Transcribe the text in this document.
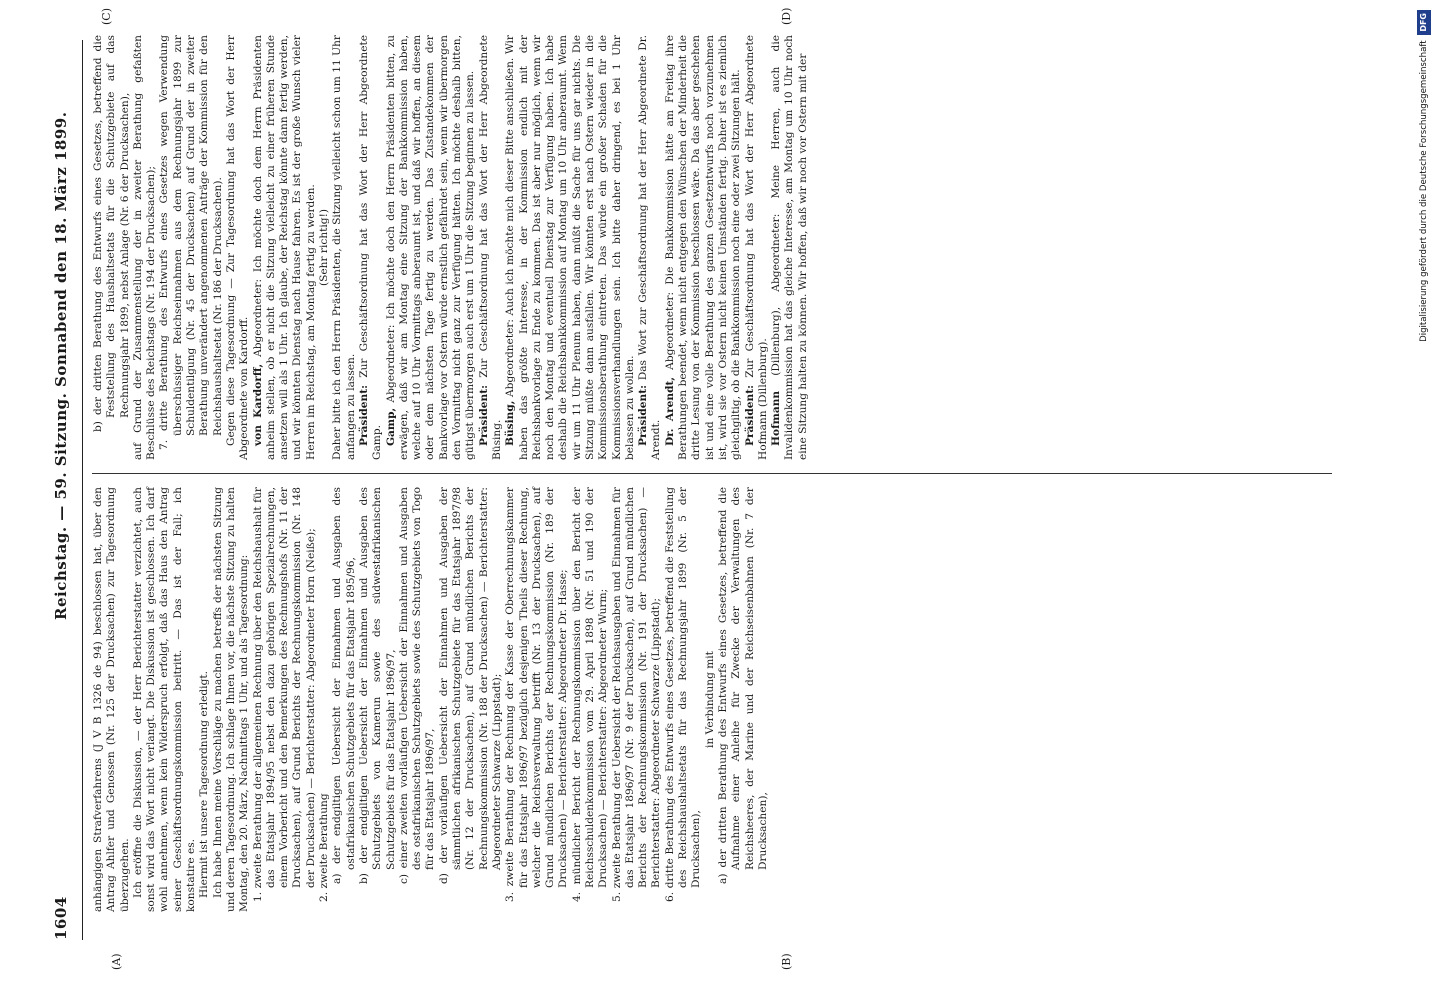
1604
Reichstag. — 59. Sitzung. Sonnabend den 18. März 1899.
(A)	(B)
(C)	(D)

anhängigen Strafverfahrens (J V B 1326 de 94) beschlossen hat, über den Antrag Ahlfer und Genossen (Nr. 125 der Drucksachen) zur Tagesordnung überzugehen. Ich eröffne die Diskussion, — der Herr Berichterstatter verzichtet, auch sonst wird das Wort nicht verlangt. Die Diskussion ist geschlossen. Ich darf wohl annehmen, wenn kein Widerspruch erfolgt, daß das Haus den Antrag seiner Geschäftsordnungskommission beitritt. — Das ist der Fall; ich konstatire es. Hiermit ist unsere Tagesordnung erledigt. Ich habe Ihnen meine Vorschläge zu machen betreffs der nächsten Sitzung und deren Tagesordnung. Ich schlage Ihnen vor, die nächste Sitzung zu halten Montag, den 20. März, Nachmittags 1 Uhr, und als Tagesordnung: 1. zweite Berathung der allgemeinen Rechnung über den Reichshaushalt für das Etatsjahr 1894/95 nebst den dazu gehörigen Spezialrechnungen, einem Vorbericht und den Bemerkungen des Rechnungshofs (Nr. 11 der Drucksachen), auf Grund Berichts der Rechnungskommission (Nr. 148 der Drucksachen) — Berichterstatter: Abgeordneter Horn (Neiße); 2. zweite Berathung a) der endgiltigen Uebersicht der Einnahmen und Ausgaben des ostafrikanischen Schutzgebiets für das Etatsjahr 1895/96, b) der endgiltigen Uebersicht der Einnahmen und Ausgaben des Schutzgebiets von Kamerun sowie des südwestafrikanischen Schutzgebiets für das Etatsjahr 1896/97, c) einer zweiten vorläufigen Uebersicht der Einnahmen und Ausgaben des ostafrikanischen Schutzgebiets sowie des Schutzgebiets von Togo für das Etatsjahr 1896/97, d) der vorläufigen Uebersicht der Einnahmen und Ausgaben der sämmtlichen afrikanischen Schutzgebiete für das Etatsjahr 1897/98 (Nr. 12 der Drucksachen), auf Grund mündlichen Berichts der Rechnungskommission (Nr. 188 der Drucksachen) — Berichterstatter: Abgeordneter Schwarze (Lippstadt); 3. zweite Berathung der Rechnung der Kasse der Oberrechnungskammer für das Etatsjahr 1896/97 bezüglich desjenigen Theils dieser Rechnung, welcher die Reichsverwaltung betrifft (Nr. 13 der Drucksachen), auf Grund mündlichen Berichts der Rechnungskommission (Nr. 189 der Drucksachen) — Berichterstatter: Abgeordneter Dr. Hasse; 4. mündlicher Bericht der Rechnungskommission über den Bericht der Reichsschuldenkommission vom 29. April 1898 (Nr. 51 und 190 der Drucksachen) — Berichterstatter: Abgeordneter Wurm; 5. zweite Berathung der Uebersicht der Reichsausgaben und Einnahmen für das Etatsjahr 1896/97 (Nr. 9 der Drucksachen), auf Grund mündlichen Berichts der Rechnungskommission (Nr. 191 der Drucksachen) — Berichterstatter: Abgeordneter Schwarze (Lippstadt); 6. dritte Berathung des Entwurfs eines Gesetzes, betreffend die Feststellung des Reichshaushaltsetats für das Rechnungsjahr 1899 (Nr. 5 der Drucksachen),

in Verbindung mit a) der dritten Berathung des Entwurfs eines Gesetzes, betreffend die Aufnahme einer Anleihe für Zwecke der Verwaltungen des Reichsheeres, der Marine und der Reichseisenbahnen (Nr. 7 der Drucksachen),

b) der dritten Berathung des Entwurfs eines Gesetzes, betreffend die Feststellung des Haushaltsetats für die Schutzgebiete auf das Rechnungsjahr 1899, nebst Anlage (Nr. 6 der Drucksachen), auf Grund der Zusammenstellung der in zweiter Berathung gefaßten Beschlüsse des Reichstags (Nr. 194 der Drucksachen); 7. dritte Berathung des Entwurfs eines Gesetzes wegen Verwendung überschüssiger Reichseinnahmen aus dem Rechnungsjahr 1899 zur Schuldentilgung (Nr. 45 der Drucksachen) auf Grund der in zweiter Berathung unverändert angenommenen Anträge der Kommission für den Reichshaushaltsetat (Nr. 186 der Drucksachen). Gegen diese Tagesordnung — Zur Tagesordnung hat das Wort der Herr Abgeordnete von Kardorff. von Kardorff, Abgeordneter: Ich möchte doch dem Herrn Präsidenten anheim stellen, ob er nicht die Sitzung vielleicht zu einer früheren Stunde ansetzen will als 1 Uhr. Ich glaube, der Reichstag könnte dann fertig werden, und wir könnten Dienstag nach Hause fahren. Es ist der große Wunsch vieler Herren im Reichstag, am Montag fertig zu werden. (Sehr richtig!) Daher bitte ich den Herrn Präsidenten, die Sitzung vielleicht schon um 11 Uhr anfangen zu lassen. Präsident: Zur Geschäftsordnung hat das Wort der Herr Abgeordnete Gamp. Gamp, Abgeordneter: Ich möchte doch den Herrn Präsidenten bitten, zu erwägen, daß wir am Montag eine Sitzung der Bankkommission haben, welche auf 10 Uhr Vormittags anberaumt ist, und daß wir hoffen, an diesem oder dem nächsten Tage fertig zu werden. Das Zustandekommen der Bankvorlage vor Ostern würde ernstlich gefährdet sein, wenn wir übermorgen den Vormittag nicht ganz zur Verfügung hätten. Ich möchte deshalb bitten, gütigst übermorgen auch erst um 1 Uhr die Sitzung beginnen zu lassen. Präsident: Zur Geschäftsordnung hat das Wort der Herr Abgeordnete Büsing. Büsing, Abgeordneter: Auch ich möchte mich dieser Bitte anschließen. Wir haben das größte Interesse, in der Kommission endlich mit der Reichsbankvorlage zu Ende zu kommen. Das ist aber nur möglich, wenn wir noch den Montag und eventuell Dienstag zur Verfügung haben. Ich habe deshalb die Reichsbankkommission auf Montag um 10 Uhr anberaumt. Wenn wir um 11 Uhr Plenum haben, dann müßt die Sache für uns gar nichts. Die Sitzung müßte dann ausfallen. Wir könnten erst nach Ostern wieder in die Kommissionsberathung eintreten. Das würde ein großer Schaden für die Kommissionsverhandlungen sein. Ich bitte daher dringend, es bei 1 Uhr belassen zu wollen. Präsident: Das Wort zur Geschäftsordnung hat der Herr Abgeordnete Dr. Arendt. Dr. Arendt, Abgeordneter: Die Bankkommission hätte am Freitag ihre Berathungen beendet, wenn nicht entgegen den Wünschen der Minderheit die dritte Lesung von der Kommission beschlossen wäre. Da das aber geschehen ist und eine volle Berathung des ganzen Gesetzentwurfs noch vorzunehmen ist, wird sie vor Ostern nicht keinen Umständen fertig. Daher ist es ziemlich gleichgiltig, ob die Bankkommission noch eine oder zwei Sitzungen hält. Präsident: Zur Geschäftsordnung hat das Wort der Herr Abgeordnete Hofmann (Dillenburg). Hofmann (Dillenburg), Abgeordneter: Meine Herren, auch die Invalidenkommission hat das gleiche Interesse, am Montag um 10 Uhr noch eine Sitzung halten zu können. Wir hoffen, daß wir noch vor Ostern mit der	Digitalisierung gefördert durch die Deutsche Forschungsgemeinschaft DFG
